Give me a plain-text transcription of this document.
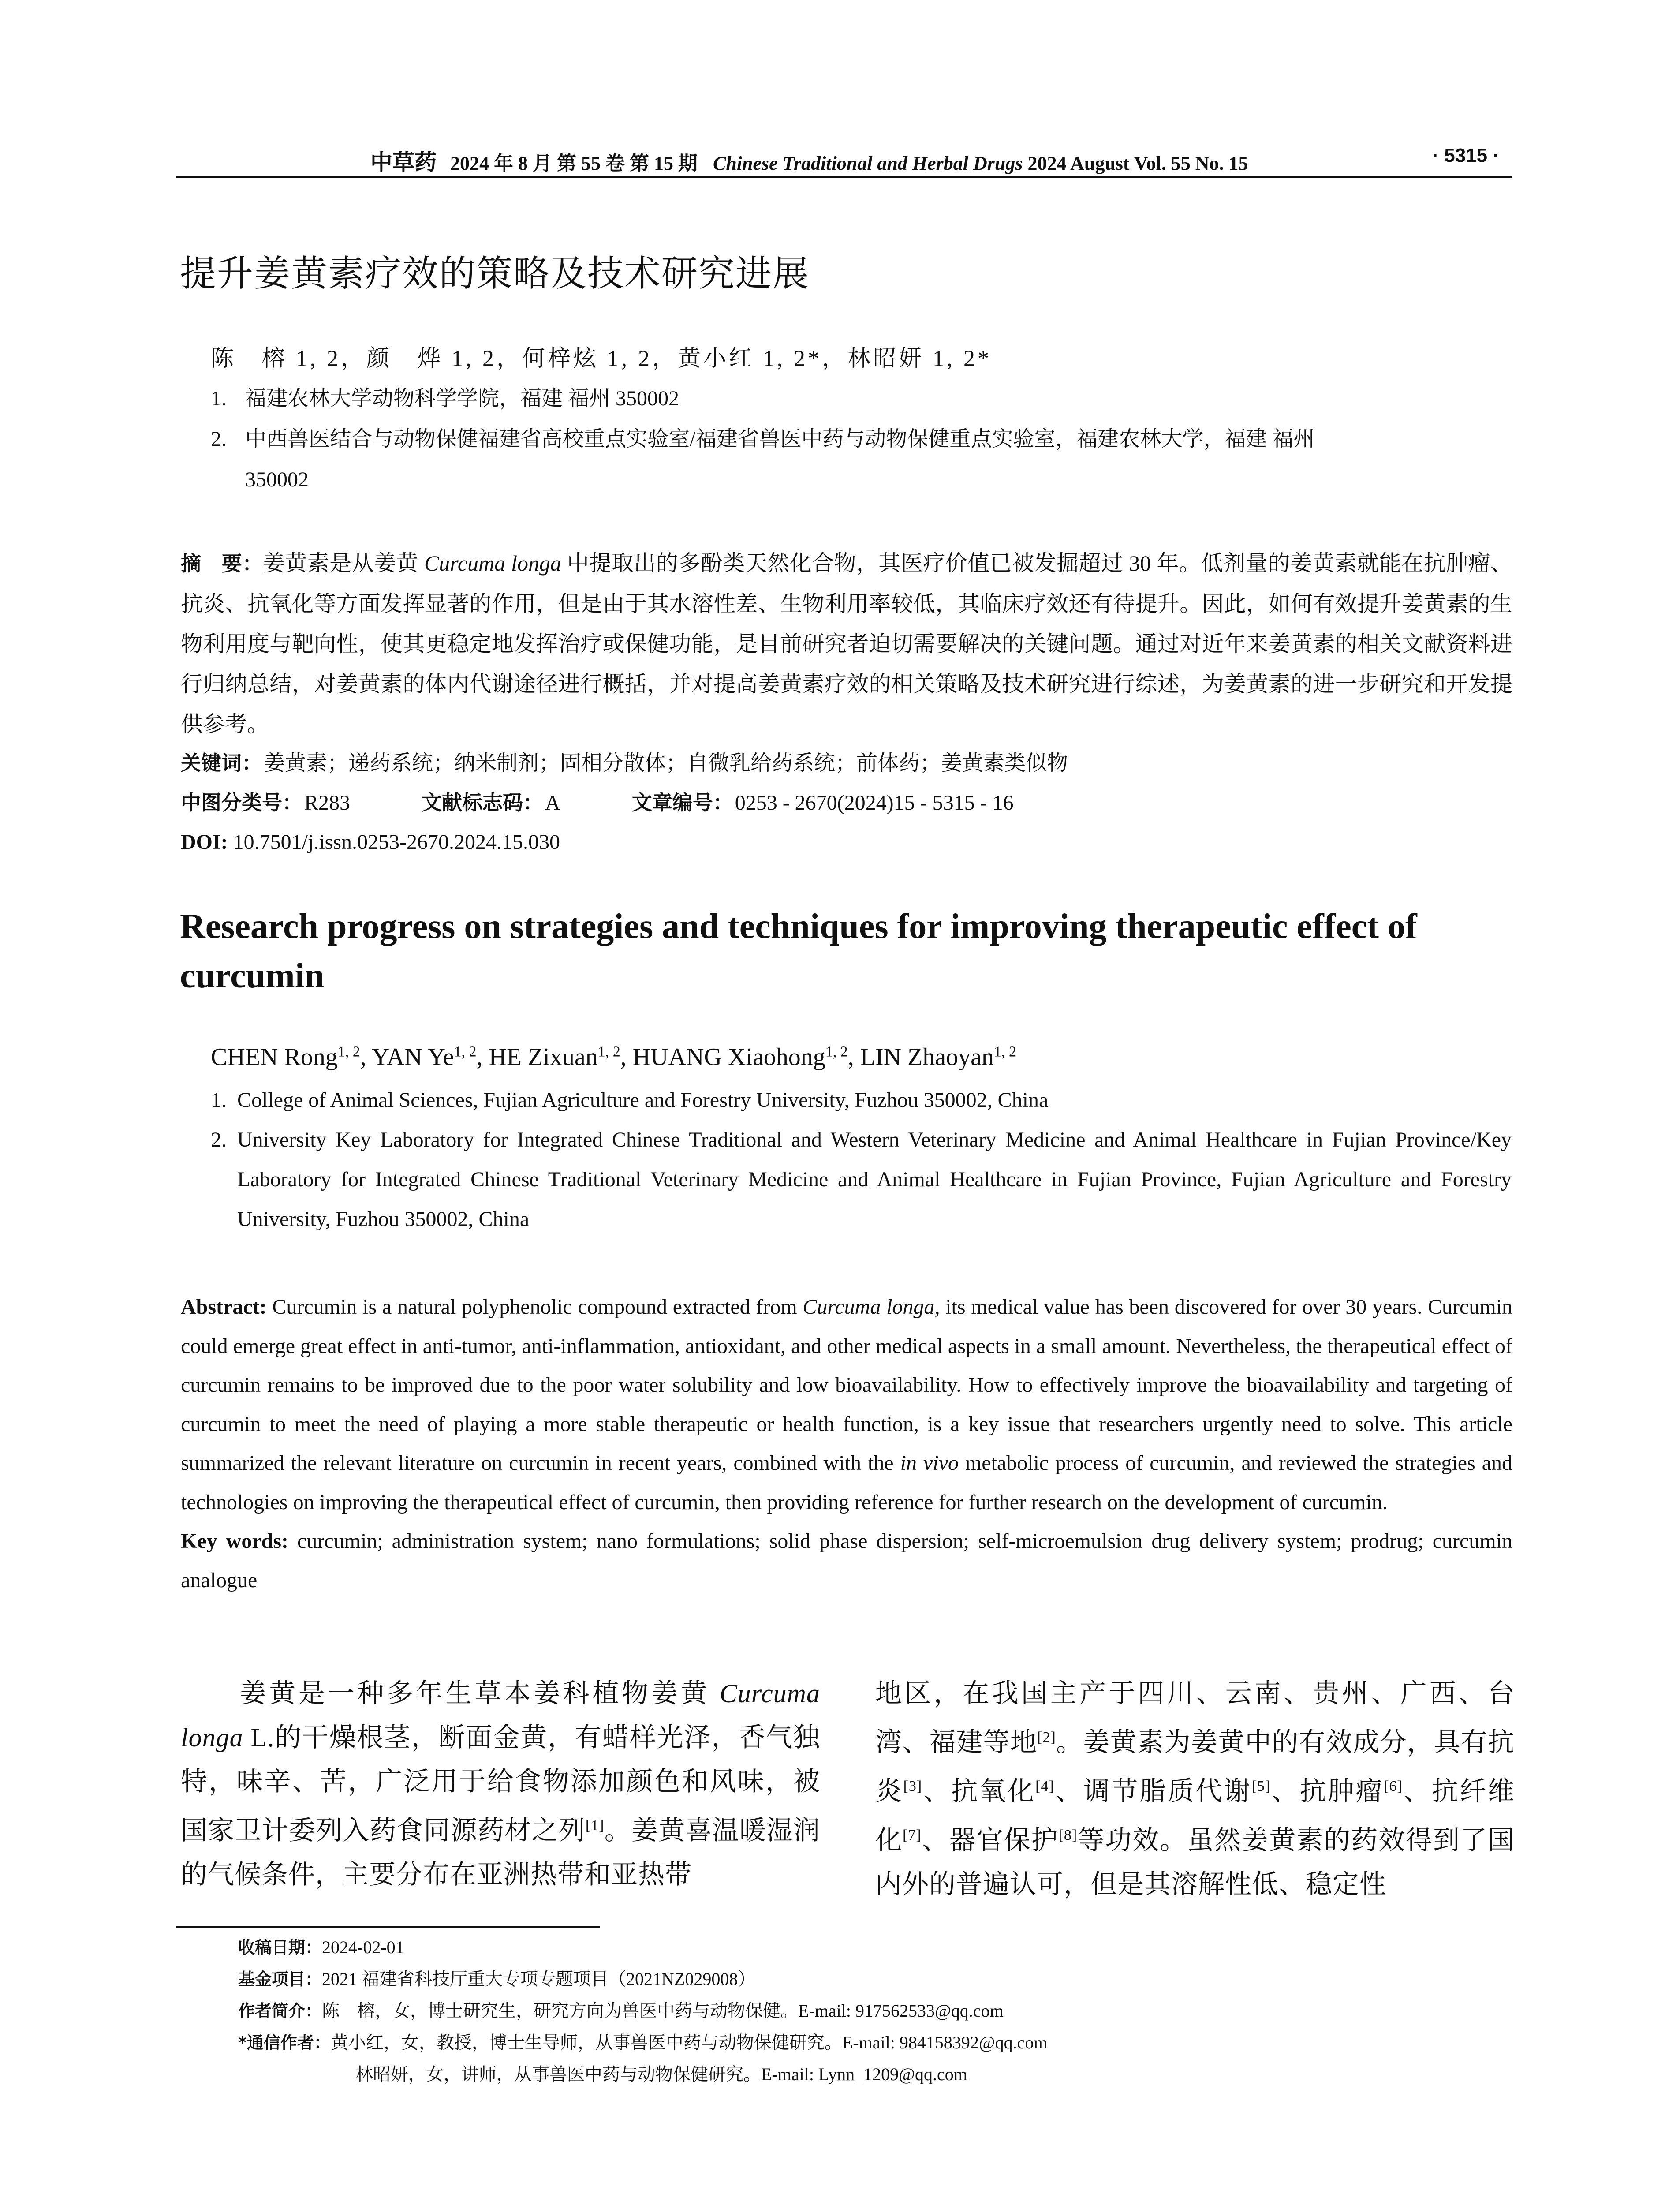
中草药 2024 年 8 月 第 55 卷 第 15 期 Chinese Traditional and Herbal Drugs 2024 August Vol. 55 No. 15	· 5315 ·
提升姜黄素疗效的策略及技术研究进展
陈　榕 1, 2，颜　烨 1, 2，何梓炫 1, 2，黄小红 1, 2*，林昭妍 1, 2*
1. 福建农林大学动物科学学院，福建 福州 350002
2. 中西兽医结合与动物保健福建省高校重点实验室/福建省兽医中药与动物保健重点实验室，福建农林大学，福建 福州
350002
摘　要：姜黄素是从姜黄 Curcuma longa 中提取出的多酚类天然化合物，其医疗价值已被发掘超过 30 年。低剂量的姜黄素就能在抗肿瘤、抗炎、抗氧化等方面发挥显著的作用，但是由于其水溶性差、生物利用率较低，其临床疗效还有待提升。因此，如何有效提升姜黄素的生物利用度与靶向性，使其更稳定地发挥治疗或保健功能，是目前研究者迫切需要解决的关键问题。通过对近年来姜黄素的相关文献资料进行归纳总结，对姜黄素的体内代谢途径进行概括，并对提高姜黄素疗效的相关策略及技术研究进行综述，为姜黄素的进一步研究和开发提供参考。
关键词：姜黄素；递药系统；纳米制剂；固相分散体；自微乳给药系统；前体药；姜黄素类似物
中图分类号：R283	文献标志码：A	文章编号：0253 - 2670(2024)15 - 5315 - 16
DOI: 10.7501/j.issn.0253-2670.2024.15.030
Research progress on strategies and techniques for improving therapeutic effect of curcumin
CHEN Rong$^{1, 2}$, YAN Ye$^{1, 2}$, HE Zixuan$^{1, 2}$, HUANG Xiaohong$^{1, 2}$, LIN Zhaoyan$^{1, 2}$
1. College of Animal Sciences, Fujian Agriculture and Forestry University, Fuzhou 350002, China
2. University Key Laboratory for Integrated Chinese Traditional and Western Veterinary Medicine and Animal Healthcare in Fujian Province/Key Laboratory for Integrated Chinese Traditional Veterinary Medicine and Animal Healthcare in Fujian Province, Fujian Agriculture and Forestry University, Fuzhou 350002, China
Abstract: Curcumin is a natural polyphenolic compound extracted from Curcuma longa, its medical value has been discovered for over 30 years. Curcumin could emerge great effect in anti-tumor, anti-inflammation, antioxidant, and other medical aspects in a small amount. Nevertheless, the therapeutical effect of curcumin remains to be improved due to the poor water solubility and low bioavailability. How to effectively improve the bioavailability and targeting of curcumin to meet the need of playing a more stable therapeutic or health function, is a key issue that researchers urgently need to solve. This article summarized the relevant literature on curcumin in recent years, combined with the in vivo metabolic process of curcumin, and reviewed the strategies and technologies on improving the therapeutical effect of curcumin, then providing reference for further research on the development of curcumin.
Key words: curcumin; administration system; nano formulations; solid phase dispersion; self-microemulsion drug delivery system; prodrug; curcumin analogue
　　姜黄是一种多年生草本姜科植物姜黄 Curcuma longa L.的干燥根茎，断面金黄，有蜡样光泽，香气独特，味辛、苦，广泛用于给食物添加颜色和风味，被国家卫计委列入药食同源药材之列[1]。姜黄喜温暖湿润的气候条件，主要分布在亚洲热带和亚热带
地区，在我国主产于四川、云南、贵州、广西、台湾、福建等地[2]。姜黄素为姜黄中的有效成分，具有抗炎[3]、抗氧化[4]、调节脂质代谢[5]、抗肿瘤[6]、抗纤维化[7]、器官保护[8]等功效。虽然姜黄素的药效得到了国内外的普遍认可，但是其溶解性低、稳定性
收稿日期：2024-02-01
基金项目：2021 福建省科技厅重大专项专题项目（2021NZ029008）
作者简介：陈　榕，女，博士研究生，研究方向为兽医中药与动物保健。E-mail: 917562533@qq.com
*通信作者：黄小红，女，教授，博士生导师，从事兽医中药与动物保健研究。E-mail: 984158392@qq.com
林昭妍，女，讲师，从事兽医中药与动物保健研究。E-mail: Lynn_1209@qq.com
